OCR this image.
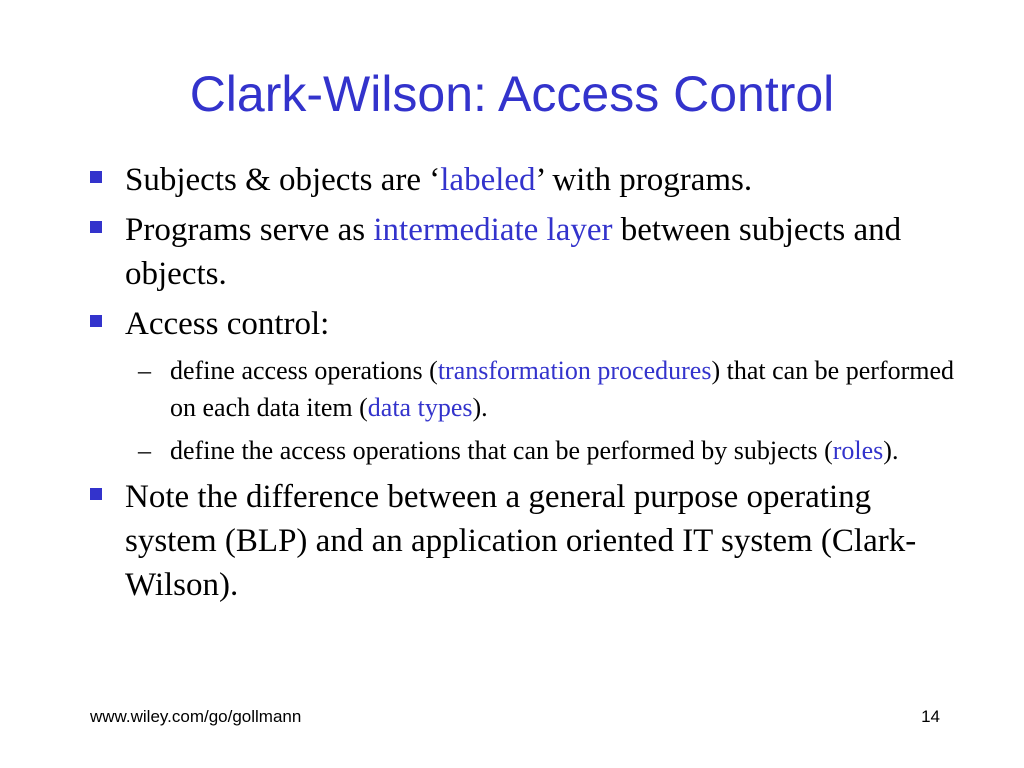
Clark-Wilson: Access Control
Subjects & objects are ‘labeled’ with programs.
Programs serve as intermediate layer between subjects and objects.
Access control:
– define access operations (transformation procedures) that can be performed on each data item (data types).
– define the access operations that can be performed by subjects (roles).
Note the difference between a general purpose operating system (BLP) and an application oriented IT system (Clark-Wilson).
www.wiley.com/go/gollmann	14
